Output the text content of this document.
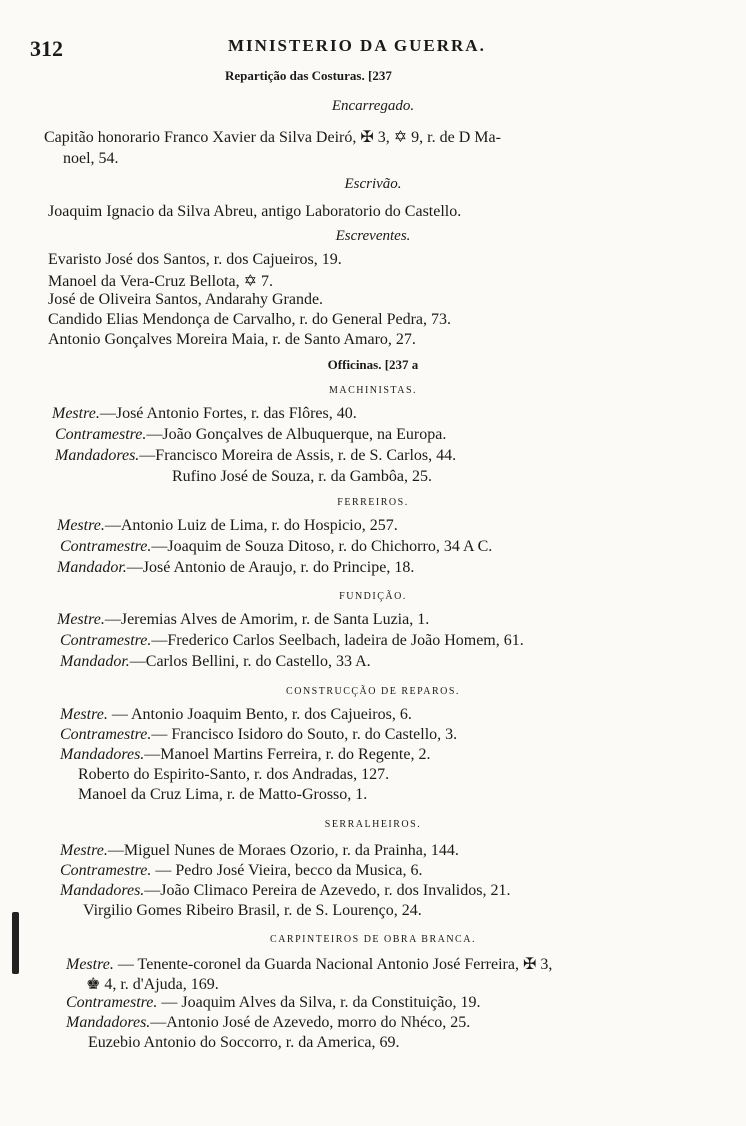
312	MINISTERIO DA GUERRA.
Repartição das Costuras. [237
Encarregado.
Capitão honorario Franco Xavier da Silva Deiró, ✠ 3, ✡ 9, r. de D Ma-
noel, 54.
Escrivão.
Joaquim Ignacio da Silva Abreu, antigo Laboratorio do Castello.
Escreventes.
Evaristo José dos Santos, r. dos Cajueiros, 19.
Manoel da Vera-Cruz Bellota, ✡ 7.
José de Oliveira Santos, Andarahy Grande.
Candido Elias Mendonça de Carvalho, r. do General Pedra, 73.
Antonio Gonçalves Moreira Maia, r. de Santo Amaro, 27.
Officinas. [237 a
MACHINISTAS.
Mestre.—José Antonio Fortes, r. das Flôres, 40.
Contramestre.—João Gonçalves de Albuquerque, na Europa.
Mandadores.—Francisco Moreira de Assis, r. de S. Carlos, 44.
Rufino José de Souza, r. da Gambôa, 25.
FERREIROS.
Mestre.—Antonio Luiz de Lima, r. do Hospicio, 257.
Contramestre.—Joaquim de Souza Ditoso, r. do Chichorro, 34 A C.
Mandador.—José Antonio de Araujo, r. do Principe, 18.
FUNDIÇÃO.
Mestre.—Jeremias Alves de Amorim, r. de Santa Luzia, 1.
Contramestre.—Frederico Carlos Seelbach, ladeira de João Homem, 61.
Mandador.—Carlos Bellini, r. do Castello, 33 A.
CONSTRUCÇÃO DE REPAROS.
Mestre. — Antonio Joaquim Bento, r. dos Cajueiros, 6.
Contramestre.— Francisco Isidoro do Souto, r. do Castello, 3.
Mandadores.—Manoel Martins Ferreira, r. do Regente, 2.
Roberto do Espirito-Santo, r. dos Andradas, 127.
Manoel da Cruz Lima, r. de Matto-Grosso, 1.
SERRALHEIROS.
Mestre.—Miguel Nunes de Moraes Ozorio, r. da Prainha, 144.
Contramestre. — Pedro José Vieira, becco da Musica, 6.
Mandadores.—João Climaco Pereira de Azevedo, r. dos Invalidos, 21.
Virgilio Gomes Ribeiro Brasil, r. de S. Lourenço, 24.
CARPINTEIROS DE OBRA BRANCA.
Mestre. — Tenente-coronel da Guarda Nacional Antonio José Ferreira, ✠ 3,
♚ 4, r. d'Ajuda, 169.
Contramestre. — Joaquim Alves da Silva, r. da Constituição, 19.
Mandadores.—Antonio José de Azevedo, morro do Nhéco, 25.
Euzebio Antonio do Soccorro, r. da America, 69.
